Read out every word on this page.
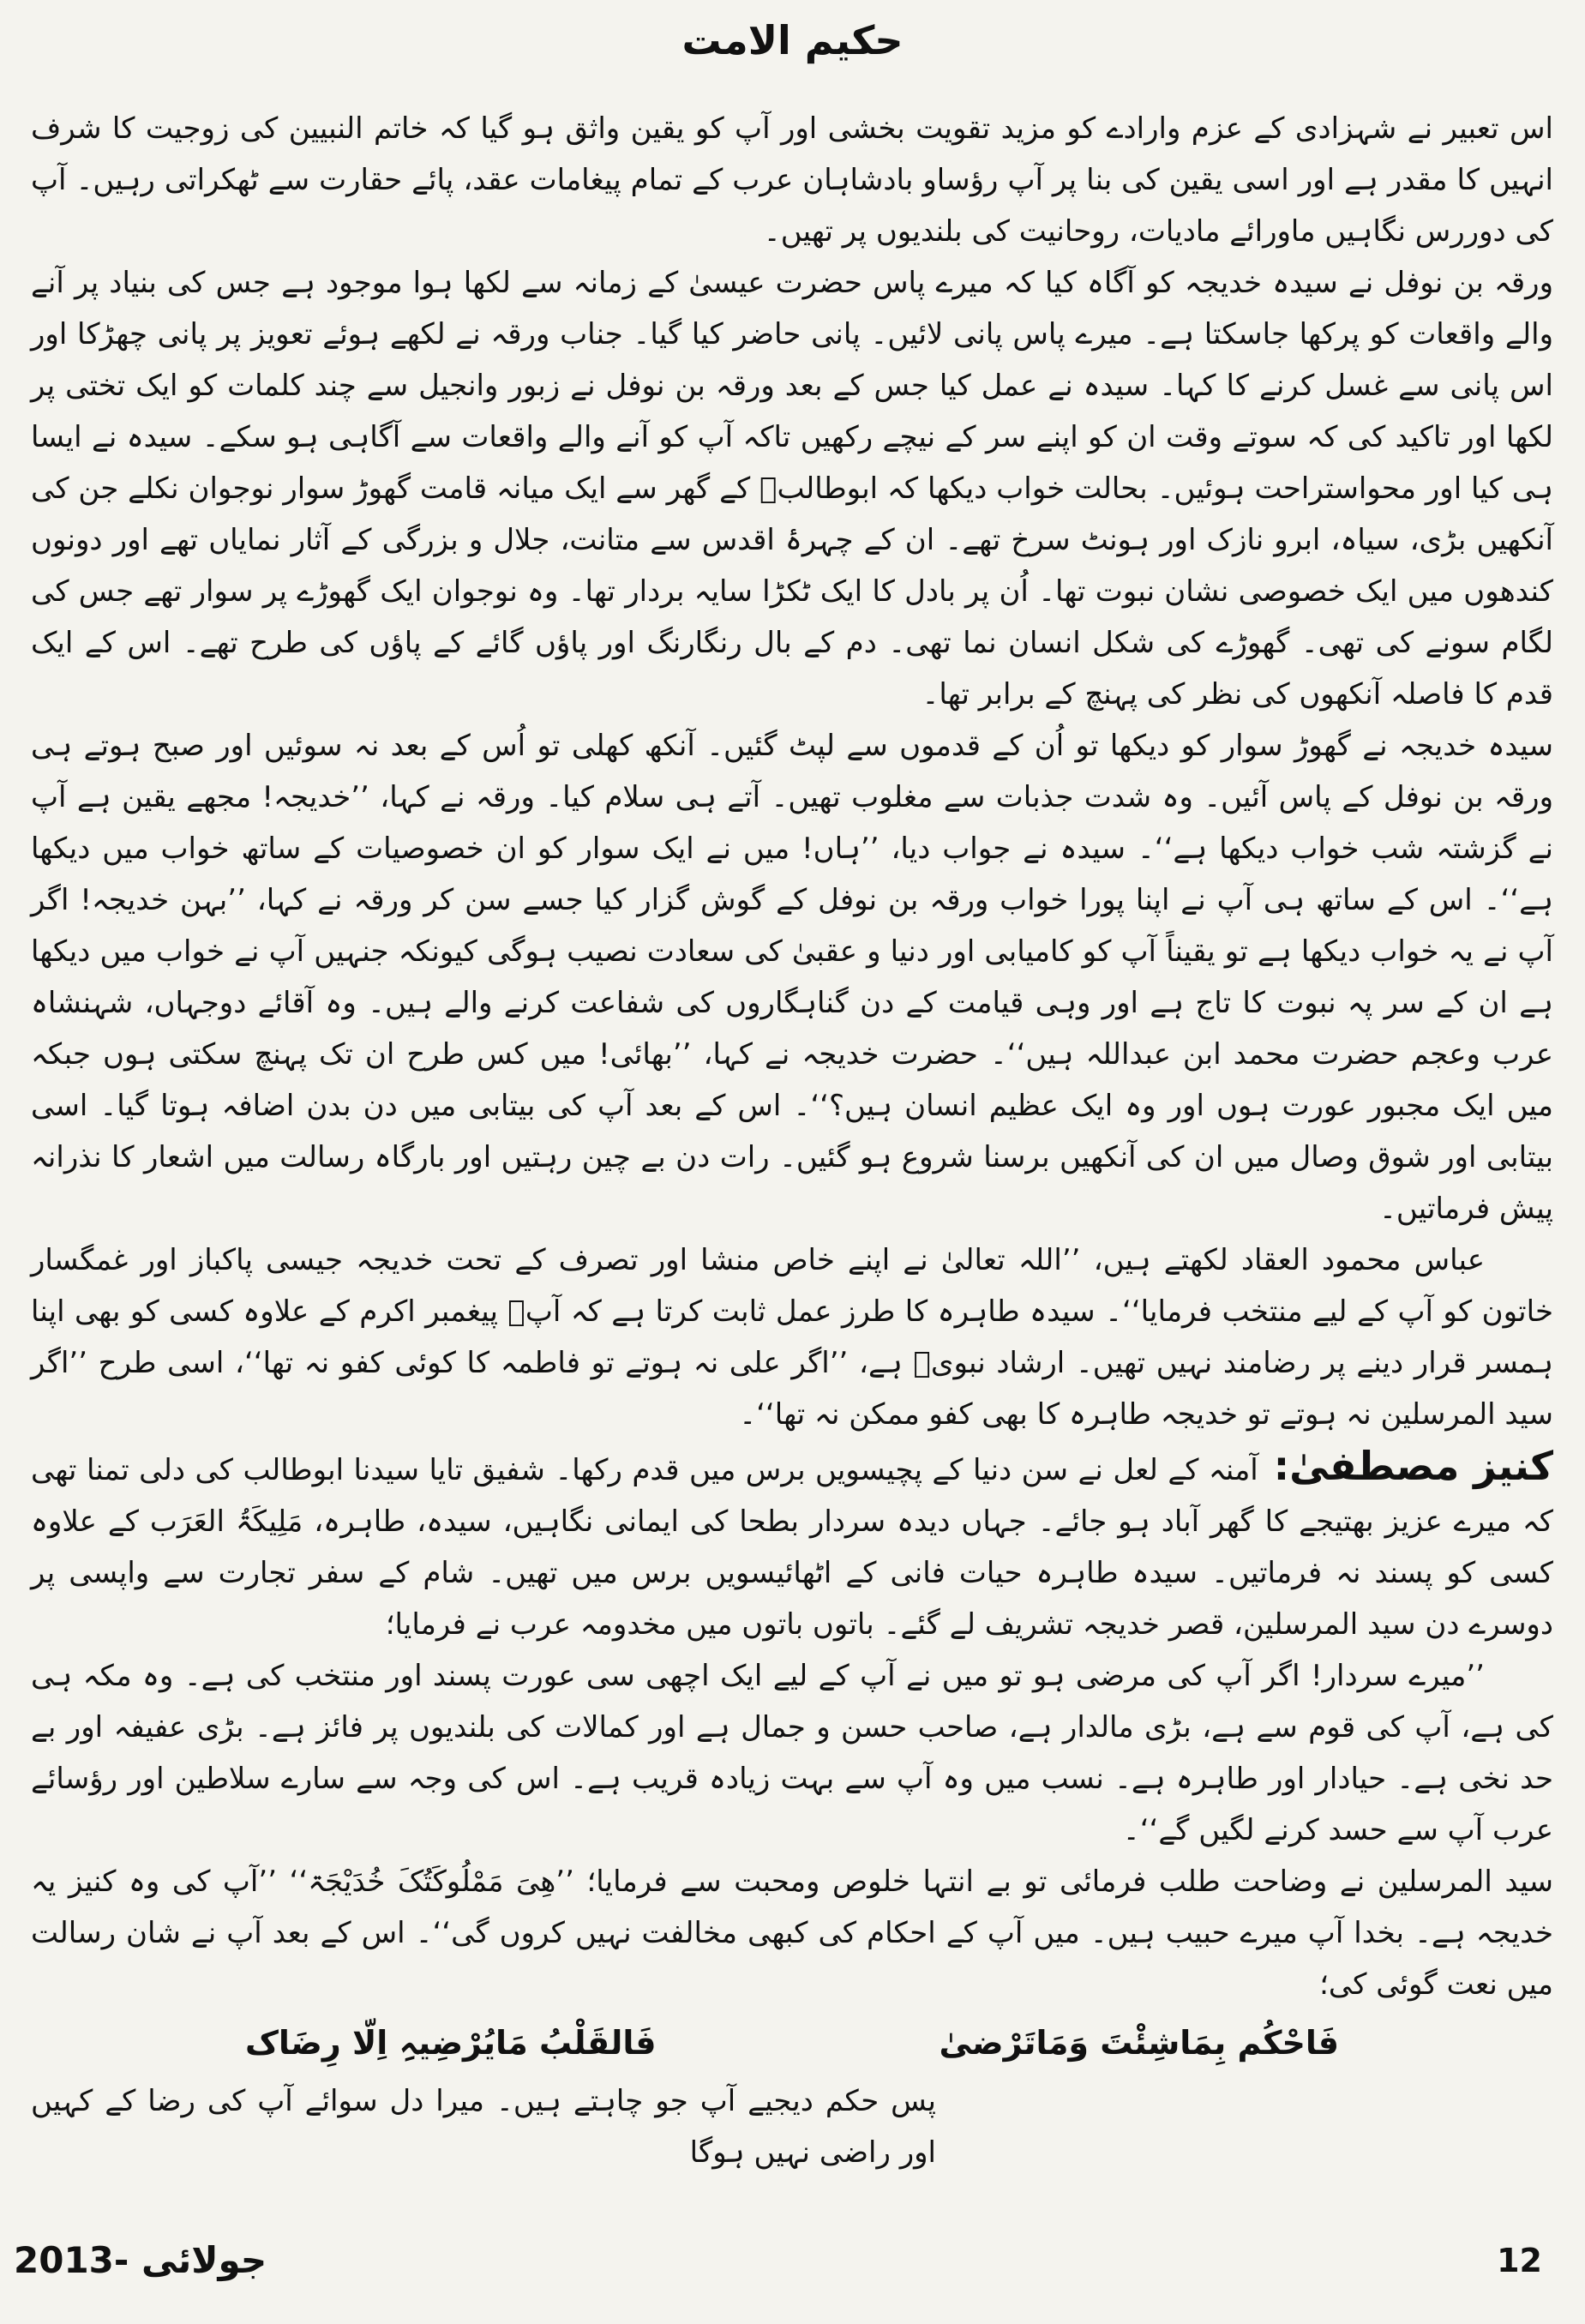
حکیم الامت

اس تعبیر نے شہزادی کے عزم وارادے کو مزید تقویت بخشی اور آپ کو یقین واثق ہو گیا کہ خاتم النبیین کی زوجیت کا شرف انہیں کا مقدر ہے اور اسی یقین کی بنا پر آپ رؤساو بادشاہان عرب کے تمام پیغامات عقد، پائے حقارت سے ٹھکراتی رہیں۔ آپ کی دوررس نگاہیں ماورائے مادیات، روحانیت کی بلندیوں پر تھیں۔

ورقہ بن نوفل نے سیدہ خدیجہ کو آگاہ کیا کہ میرے پاس حضرت عیسیٰ کے زمانہ سے لکھا ہوا موجود ہے جس کی بنیاد پر آنے والے واقعات کو پرکھا جاسکتا ہے۔ میرے پاس پانی لائیں۔ پانی حاضر کیا گیا۔ جناب ورقہ نے لکھے ہوئے تعویز پر پانی چھڑکا اور اس پانی سے غسل کرنے کا کہا۔ سیدہ نے عمل کیا جس کے بعد ورقہ بن نوفل نے زبور وانجیل سے چند کلمات کو ایک تختی پر لکھا اور تاکید کی کہ سوتے وقت ان کو اپنے سر کے نیچے رکھیں تاکہ آپ کو آنے والے واقعات سے آگاہی ہو سکے۔ سیدہ نے ایسا ہی کیا اور محواستراحت ہوئیں۔ بحالت خواب دیکھا کہ ابوطالبؑ کے گھر سے ایک میانہ قامت گھوڑ سوار نوجوان نکلے جن کی آنکھیں بڑی، سیاہ، ابرو نازک اور ہونٹ سرخ تھے۔ ان کے چہرۂ اقدس سے متانت، جلال و بزرگی کے آثار نمایاں تھے اور دونوں کندھوں میں ایک خصوصی نشان نبوت تھا۔ اُن پر بادل کا ایک ٹکڑا سایہ بردار تھا۔ وہ نوجوان ایک گھوڑے پر سوار تھے جس کی لگام سونے کی تھی۔ گھوڑے کی شکل انسان نما تھی۔ دم کے بال رنگارنگ اور پاؤں گائے کے پاؤں کی طرح تھے۔ اس کے ایک قدم کا فاصلہ آنکھوں کی نظر کی پہنچ کے برابر تھا۔

سیدہ خدیجہ نے گھوڑ سوار کو دیکھا تو اُن کے قدموں سے لپٹ گئیں۔ آنکھ کھلی تو اُس کے بعد نہ سوئیں اور صبح ہوتے ہی ورقہ بن نوفل کے پاس آئیں۔ وہ شدت جذبات سے مغلوب تھیں۔ آتے ہی سلام کیا۔ ورقہ نے کہا، ’’خدیجہ! مجھے یقین ہے آپ نے گزشتہ شب خواب دیکھا ہے‘‘۔ سیدہ نے جواب دیا، ’’ہاں! میں نے ایک سوار کو ان خصوصیات کے ساتھ خواب میں دیکھا ہے‘‘۔ اس کے ساتھ ہی آپ نے اپنا پورا خواب ورقہ بن نوفل کے گوش گزار کیا جسے سن کر ورقہ نے کہا، ’’بہن خدیجہ! اگر آپ نے یہ خواب دیکھا ہے تو یقیناً آپ کو کامیابی اور دنیا و عقبیٰ کی سعادت نصیب ہوگی کیونکہ جنہیں آپ نے خواب میں دیکھا ہے ان کے سر پہ نبوت کا تاج ہے اور وہی قیامت کے دن گناہگاروں کی شفاعت کرنے والے ہیں۔ وہ آقائے دوجہاں، شہنشاہ عرب وعجم حضرت محمد ابن عبداللہ ہیں‘‘۔ حضرت خدیجہ نے کہا، ’’بھائی! میں کس طرح ان تک پہنچ سکتی ہوں جبکہ میں ایک مجبور عورت ہوں اور وہ ایک عظیم انسان ہیں؟‘‘۔ اس کے بعد آپ کی بیتابی میں دن بدن اضافہ ہوتا گیا۔ اسی بیتابی اور شوق وصال میں ان کی آنکھیں برسنا شروع ہو گئیں۔ رات دن بے چین رہتیں اور بارگاہ رسالت میں اشعار کا نذرانہ پیش فرماتیں۔

عباس محمود العقاد لکھتے ہیں، ’’اللہ تعالیٰ نے اپنے خاص منشا اور تصرف کے تحت خدیجہ جیسی پاکباز اور غمگسار خاتون کو آپ کے لیے منتخب فرمایا‘‘۔ سیدہ طاہرہ کا طرز عمل ثابت کرتا ہے کہ آپؐ پیغمبر اکرم کے علاوہ کسی کو بھی اپنا ہمسر قرار دینے پر رضامند نہیں تھیں۔ ارشاد نبویؐ ہے، ’’اگر علی نہ ہوتے تو فاطمہ کا کوئی کفو نہ تھا‘‘، اسی طرح ’’اگر سید المرسلین نہ ہوتے تو خدیجہ طاہرہ کا بھی کفو ممکن نہ تھا‘‘۔

کنیز مصطفیٰ:آمنہ کے لعل نے سن دنیا کے پچیسویں برس میں قدم رکھا۔ شفیق تایا سیدنا ابوطالب کی دلی تمنا تھی کہ میرے عزیز بھتیجے کا گھر آباد ہو جائے۔ جہاں دیدہ سردار بطحا کی ایمانی نگاہیں، سیدہ، طاہرہ، مَلِیکَۃُ العَرَب کے علاوہ کسی کو پسند نہ فرماتیں۔ سیدہ طاہرہ حیات فانی کے اٹھائیسویں برس میں تھیں۔ شام کے سفر تجارت سے واپسی پر دوسرے دن سید المرسلین، قصر خدیجہ تشریف لے گئے۔ باتوں باتوں میں مخدومہ عرب نے فرمایا؛

’’میرے سردار! اگر آپ کی مرضی ہو تو میں نے آپ کے لیے ایک اچھی سی عورت پسند اور منتخب کی ہے۔ وہ مکہ ہی کی ہے، آپ کی قوم سے ہے، بڑی مالدار ہے، صاحب حسن و جمال ہے اور کمالات کی بلندیوں پر فائز ہے۔ بڑی عفیفہ اور بے حد نخی ہے۔ حیادار اور طاہرہ ہے۔ نسب میں وہ آپ سے بہت زیادہ قریب ہے۔ اس کی وجہ سے سارے سلاطین اور رؤسائے عرب آپ سے حسد کرنے لگیں گے‘‘۔

سید المرسلین نے وضاحت طلب فرمائی تو بے انتہا خلوص ومحبت سے فرمایا؛ ’’ھِیَ مَمْلُوکَتُکَ خُدَیْجَۃ‘‘ ’’آپ کی وہ کنیز یہ خدیجہ ہے۔ بخدا آپ میرے حبیب ہیں۔ میں آپ کے احکام کی کبھی مخالفت نہیں کروں گی‘‘۔ اس کے بعد آپ نے شان رسالت میں نعت گوئی کی؛

فَاحْکُم بِمَاشِئْتَ وَمَاتَرْضیٰ
فَالقَلْبُ مَایُرْضِیہِ اِلّا رِضَاک

پس حکم دیجیے آپ جو چاہتے ہیں۔ میرا دل سوائے آپ کی رضا کے کہیں اور راضی نہیں ہوگا

جولائی -2013	12
